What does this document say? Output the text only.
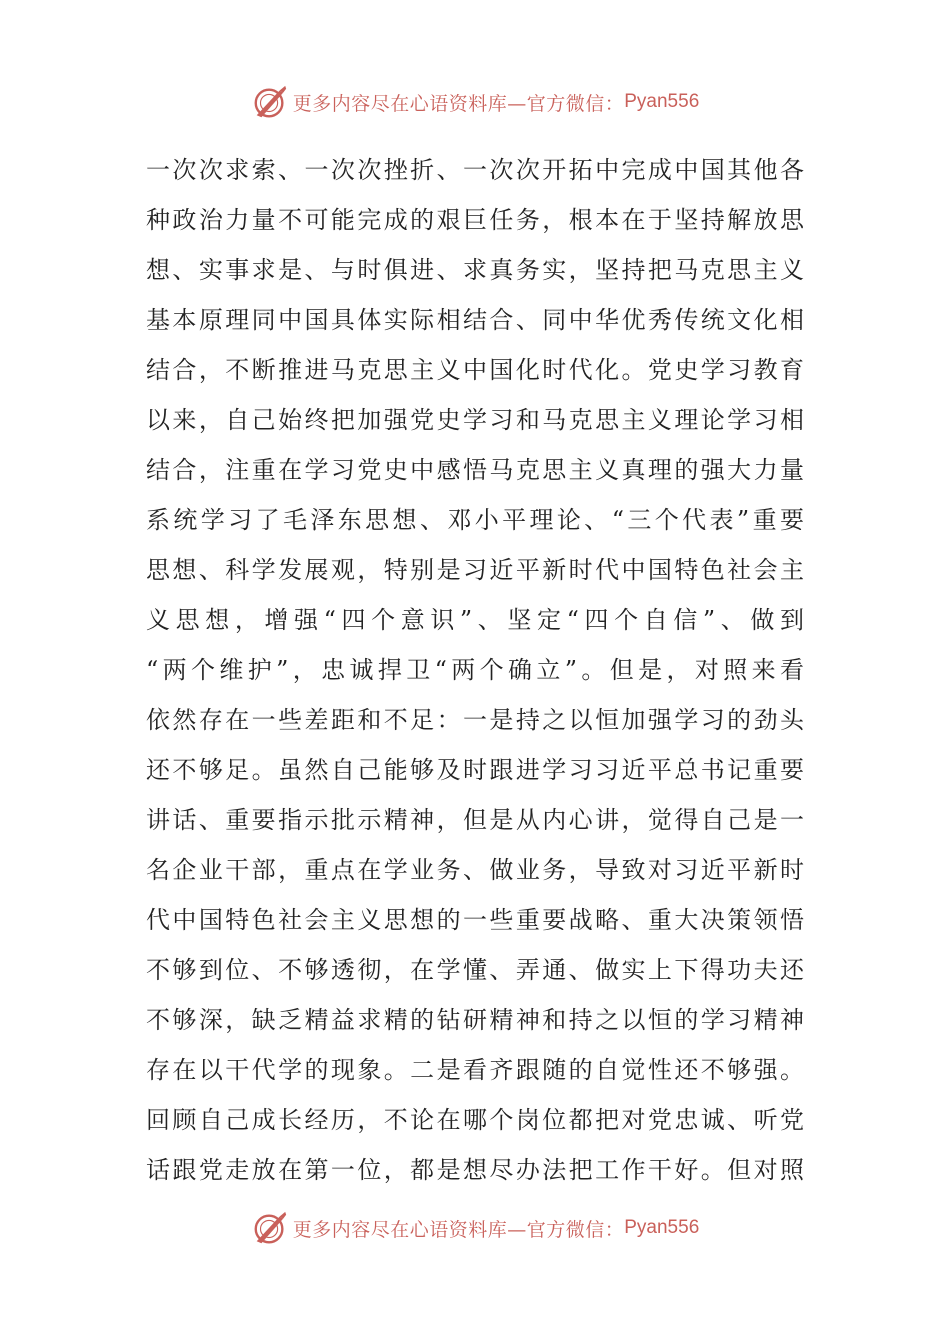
更多内容尽在心语资料库—官方微信： Pyan556
一次次求索、一次次挫折、一次次开拓中完成中国其他各
种政治力量不可能完成的艰巨任务，根本在于坚持解放思
想、实事求是、与时俱进、求真务实，坚持把马克思主义
基本原理同中国具体实际相结合、同中华优秀传统文化相
结合，不断推进马克思主义中国化时代化。党史学习教育
以来，自己始终把加强党史学习和马克思主义理论学习相
结合，注重在学习党史中感悟马克思主义真理的强大力量
系统学习了毛泽东思想、邓小平理论、“三个代表”重要
思想、科学发展观，特别是习近平新时代中国特色社会主
义思想，增强“四个意识”、坚定“四个自信”、做到
“两个维护”，忠诚捍卫“两个确立”。但是，对照来看
依然存在一些差距和不足：一是持之以恒加强学习的劲头
还不够足。虽然自己能够及时跟进学习习近平总书记重要
讲话、重要指示批示精神，但是从内心讲，觉得自己是一
名企业干部，重点在学业务、做业务，导致对习近平新时
代中国特色社会主义思想的一些重要战略、重大决策领悟
不够到位、不够透彻，在学懂、弄通、做实上下得功夫还
不够深，缺乏精益求精的钻研精神和持之以恒的学习精神
存在以干代学的现象。二是看齐跟随的自觉性还不够强。
回顾自己成长经历，不论在哪个岗位都把对党忠诚、听党
话跟党走放在第一位，都是想尽办法把工作干好。但对照
更多内容尽在心语资料库—官方微信： Pyan556
